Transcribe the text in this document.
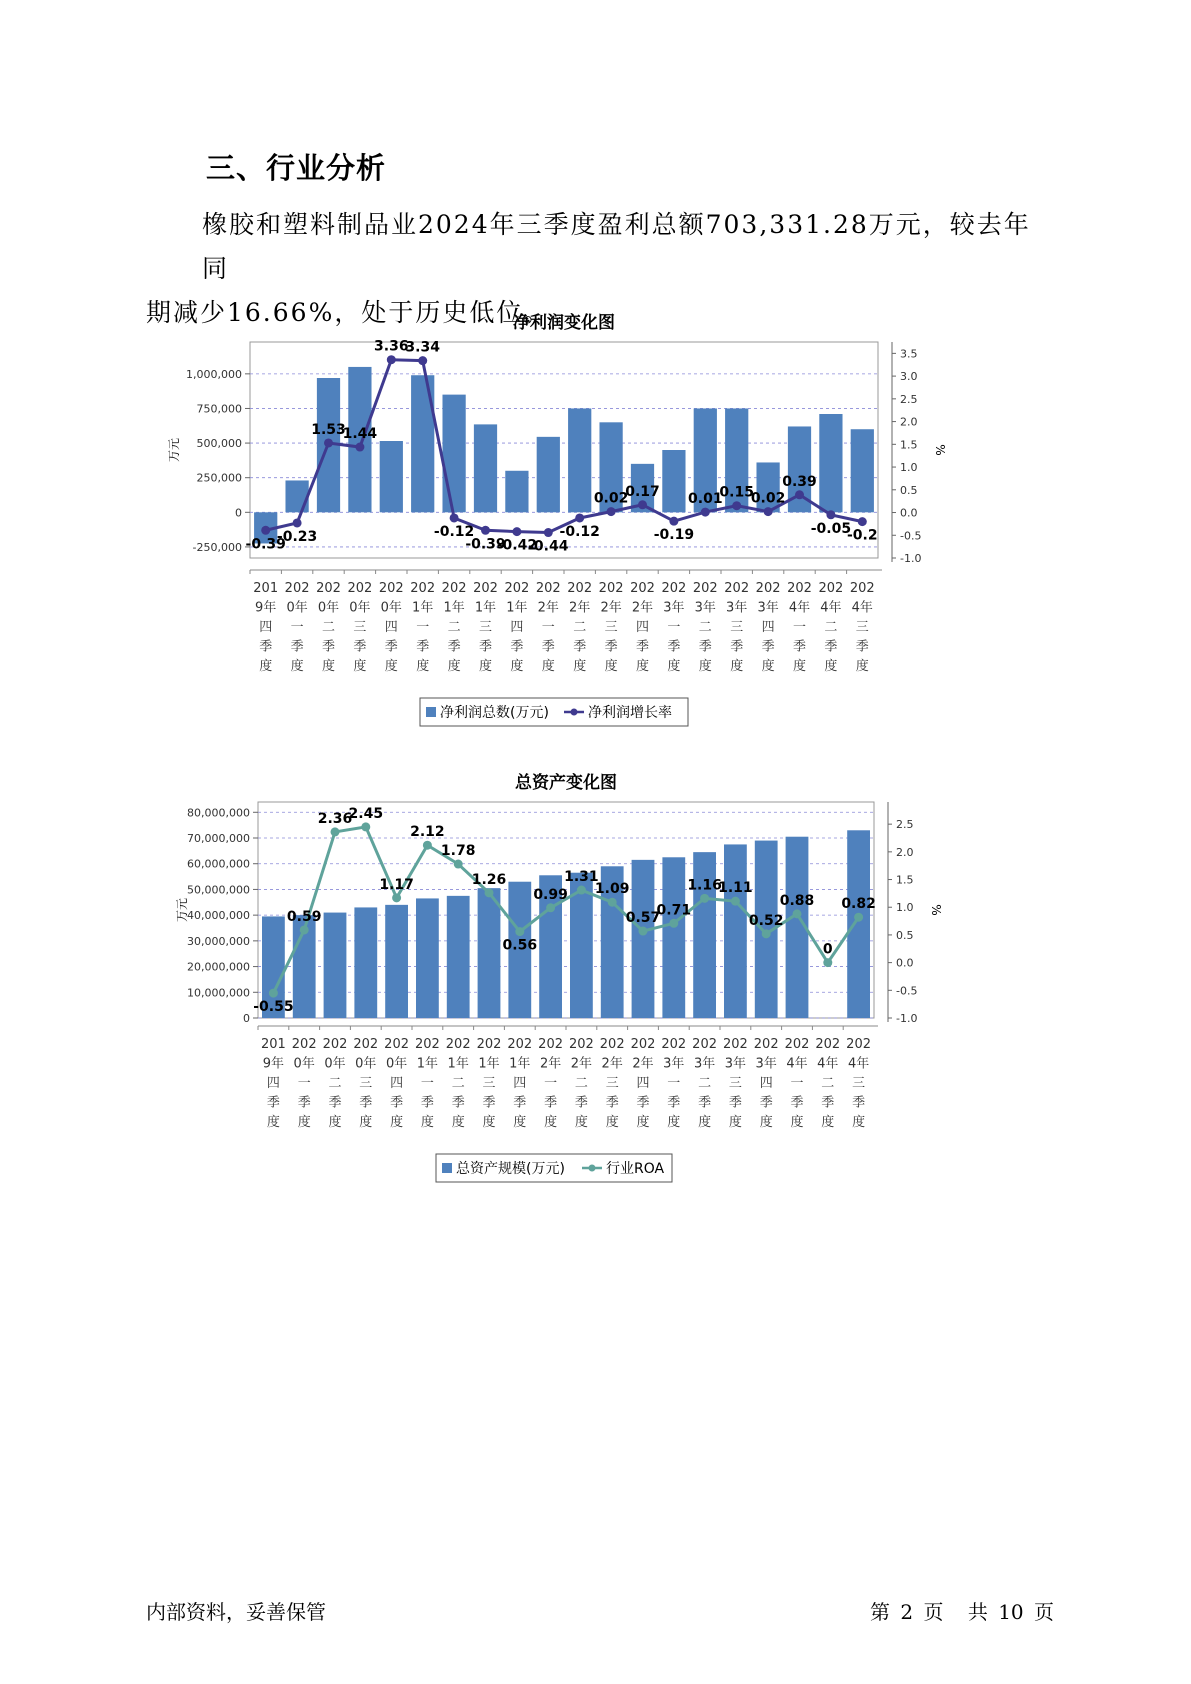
三、行业分析

橡胶和塑料制品业2024年三季度盈利总额703,331.28万元，较去年同
期减少16.66%，处于历史低位。

净利润变化图
1,000,000
750,000
500,000
250,000
0
-250,000
3.5
3.0
2.5
2.0
1.5
1.0
0.5
0.0
-0.5
-1.0
万元	%
-0.39
-0.23
1.53
1.44
3.36
3.34
-0.12
-0.39
-0.42
-0.44
-0.12
0.02
0.17
-0.19
0.01
0.15
0.02
0.39
-0.05
-0.2
201
9年
四
季
度
202
0年
一
季
度
202
0年
二
季
度
202
0年
三
季
度
202
0年
四
季
度
202
1年
一
季
度
202
1年
二
季
度
202
1年
三
季
度
202
1年
四
季
度
202
2年
一
季
度
202
2年
二
季
度
202
2年
三
季
度
202
2年
四
季
度
202
3年
一
季
度
202
3年
二
季
度
202
3年
三
季
度
202
3年
四
季
度
202
4年
一
季
度
202
4年
二
季
度
202
4年
三
季
度
净利润总数(万元)	净利润增长率
总资产变化图
80,000,000
70,000,000
60,000,000
50,000,000
40,000,000
30,000,000
20,000,000
10,000,000
0
2.5
2.0
1.5
1.0
0.5
0.0
-0.5
-1.0
万元	%
-0.55
0.59
2.36
2.45
1.17
2.12
1.78
1.26
0.56
0.99
1.31
1.09
0.57
0.71
1.16
1.11
0.52
0.88
0
0.82
201
9年
四
季
度
202
0年
一
季
度
202
0年
二
季
度
202
0年
三
季
度
202
0年
四
季
度
202
1年
一
季
度
202
1年
二
季
度
202
1年
三
季
度
202
1年
四
季
度
202
2年
一
季
度
202
2年
二
季
度
202
2年
三
季
度
202
2年
四
季
度
202
3年
一
季
度
202
3年
二
季
度
202
3年
三
季
度
202
3年
四
季
度
202
4年
一
季
度
202
4年
二
季
度
202
4年
三
季
度
总资产规模(万元)	行业ROA
内部资料，妥善保管	第 2 页 共 10 页
